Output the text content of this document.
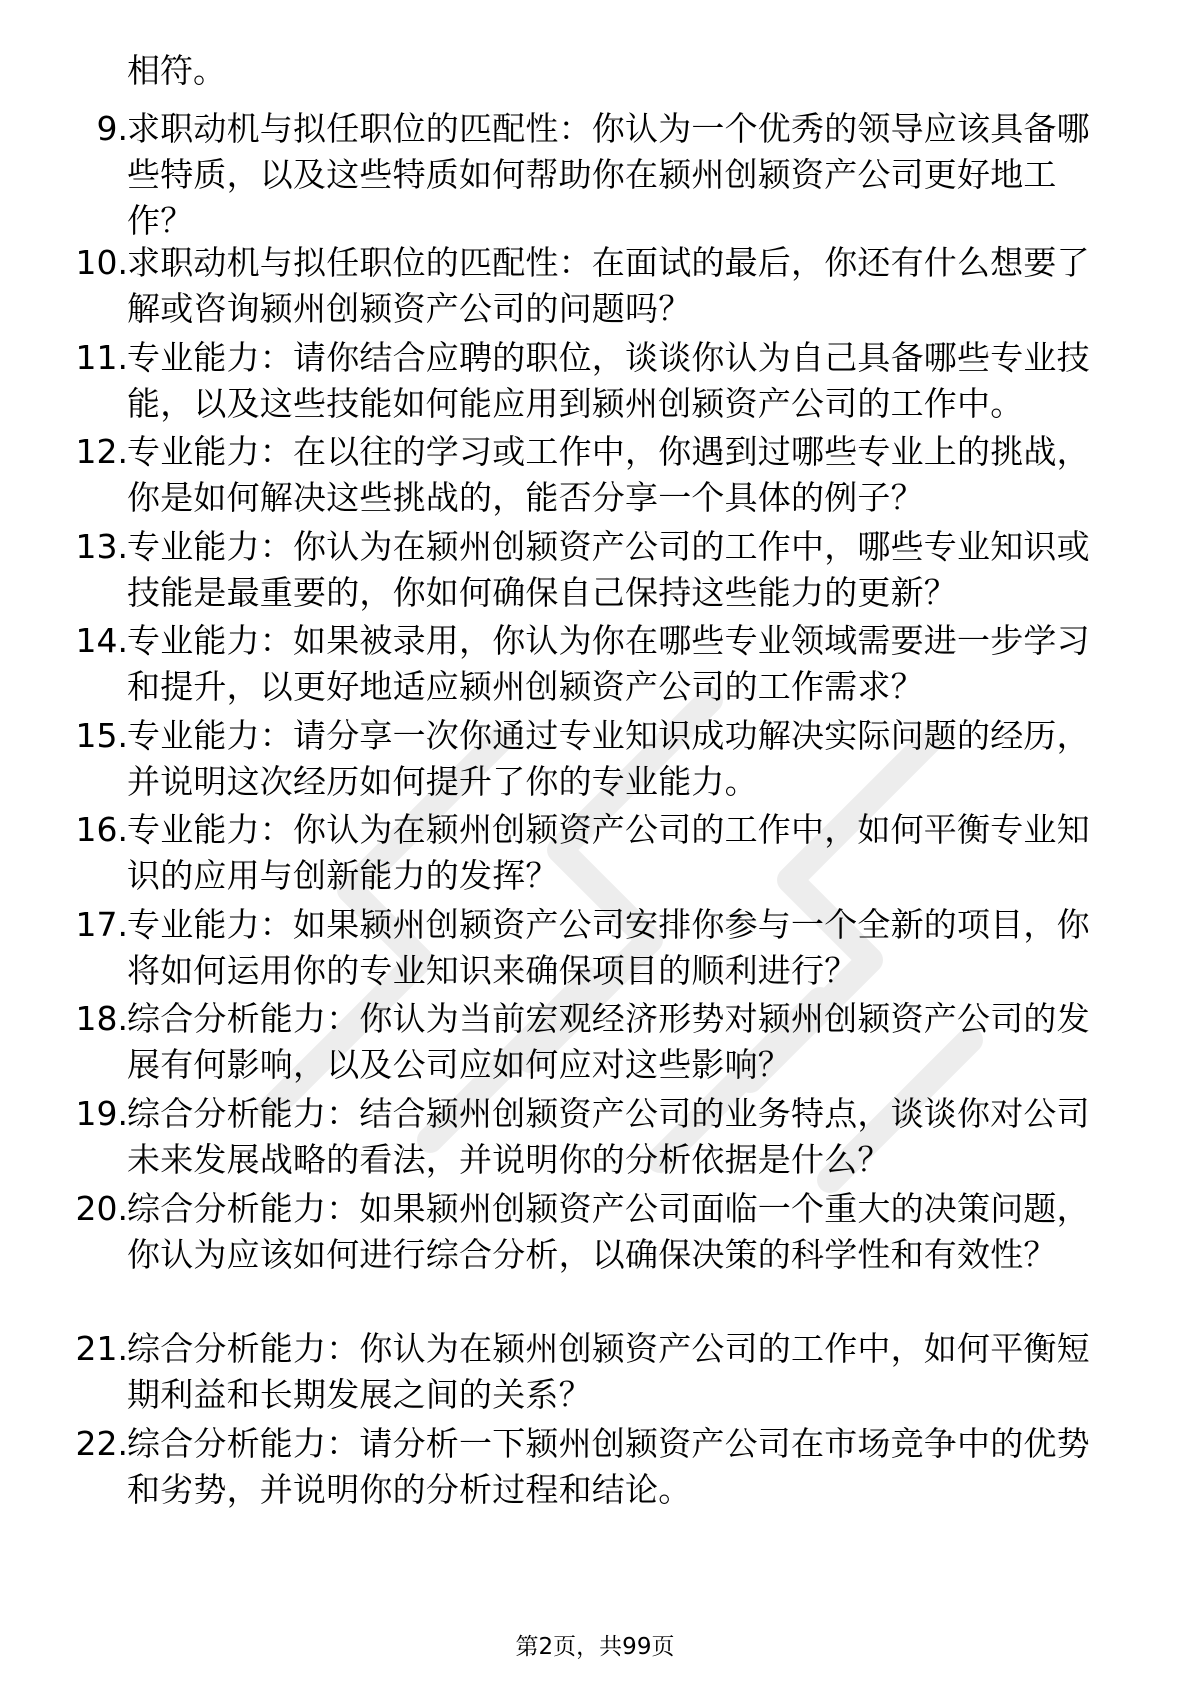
相符。
9. 求职动机与拟任职位的匹配性：你认为一个优秀的领导应该具备哪些特质，以及这些特质如何帮助你在颍州创颍资产公司更好地工作？
10. 求职动机与拟任职位的匹配性：在面试的最后，你还有什么想要了解或咨询颍州创颍资产公司的问题吗？
11. 专业能力：请你结合应聘的职位，谈谈你认为自己具备哪些专业技能，以及这些技能如何能应用到颍州创颍资产公司的工作中。
12. 专业能力：在以往的学习或工作中，你遇到过哪些专业上的挑战，你是如何解决这些挑战的，能否分享一个具体的例子？
13. 专业能力：你认为在颍州创颍资产公司的工作中，哪些专业知识或技能是最重要的，你如何确保自己保持这些能力的更新？
14. 专业能力：如果被录用，你认为你在哪些专业领域需要进一步学习和提升，以更好地适应颍州创颍资产公司的工作需求？
15. 专业能力：请分享一次你通过专业知识成功解决实际问题的经历，并说明这次经历如何提升了你的专业能力。
16. 专业能力：你认为在颍州创颍资产公司的工作中，如何平衡专业知识的应用与创新能力的发挥？
17. 专业能力：如果颍州创颍资产公司安排你参与一个全新的项目，你将如何运用你的专业知识来确保项目的顺利进行？
18. 综合分析能力：你认为当前宏观经济形势对颍州创颍资产公司的发展有何影响，以及公司应如何应对这些影响？
19. 综合分析能力：结合颍州创颍资产公司的业务特点，谈谈你对公司未来发展战略的看法，并说明你的分析依据是什么？
20. 综合分析能力：如果颍州创颍资产公司面临一个重大的决策问题，你认为应该如何进行综合分析，以确保决策的科学性和有效性？
21. 综合分析能力：你认为在颍州创颍资产公司的工作中，如何平衡短期利益和长期发展之间的关系？
22. 综合分析能力：请分析一下颍州创颍资产公司在市场竞争中的优势和劣势，并说明你的分析过程和结论。
第2页，共99页
